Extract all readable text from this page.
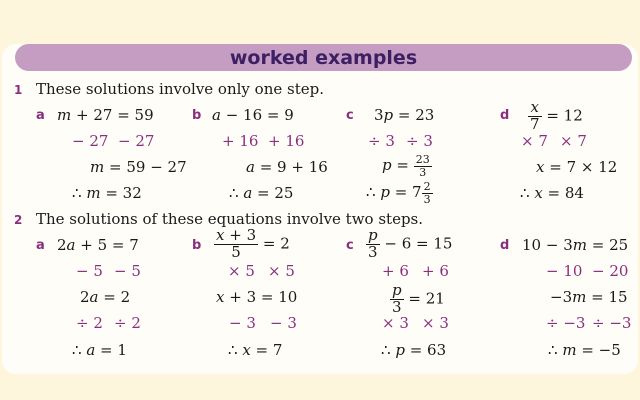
worked examples
1 These solutions involve only one step.
a m + 27 = 59
− 27 − 27
m = 59 − 27
∴ m = 32
b a − 16 = 9
+ 16 + 16
a = 9 + 16
∴ a = 25
c 3p = 23
÷ 3 ÷ 3
$p = \frac{23}{3}$
∴ $p = 7 \frac{2}{3}$
d $\frac{x}{7} = 12$
× 7 × 7
x = 7 × 12
∴ x = 84
2 The solutions of these equations involve two steps.
a 2a + 5 = 7
− 5 − 5
2a = 2
÷ 2 ÷ 2
∴ a = 1
b $\frac{x + 3}{5} = 2$
× 5 × 5
x + 3 = 10
− 3 − 3
∴ x = 7
c $\frac{p}{3} - 6 = 15$
+ 6 + 6
$\frac{p}{3} = 21$
× 3 × 3
∴ p = 63
d 10 − 3m = 25
− 10 − 20
−3m = 15
÷ −3 ÷ −3
∴ m = −5
